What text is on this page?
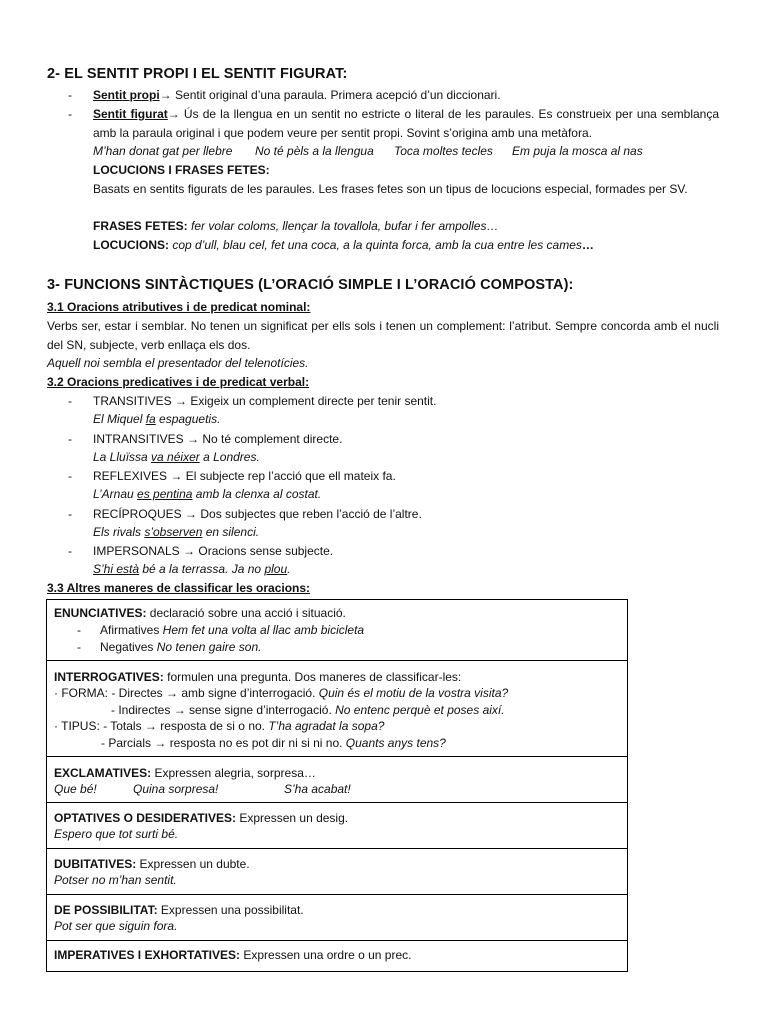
2- EL SENTIT PROPI I EL SENTIT FIGURAT:
- Sentit propi→ Sentit original d’una paraula. Primera acepció d’un diccionari.
- Sentit figurat→ Ús de la llengua en un sentit no estricte o literal de les paraules. Es construeix per una semblança amb la paraula original i que podem veure per sentit propi. Sovint s’origina amb una metàfora.
M’han donat gat per llebre No té pèls a la llengua Toca moltes tecles Em puja la mosca al nas
LOCUCIONS I FRASES FETES:
Basats en sentits figurats de les paraules. Les frases fetes son un tipus de locucions especial, formades per SV.
FRASES FETES: fer volar coloms, llençar la tovallola, bufar i fer ampolles…
LOCUCIONS: cop d’ull, blau cel, fet una coca, a la quinta forca, amb la cua entre les cames…
3- FUNCIONS SINTÀCTIQUES (L’ORACIÓ SIMPLE I L’ORACIÓ COMPOSTA):
3.1 Oracions atributives i de predicat nominal:
Verbs ser, estar i semblar. No tenen un significat per ells sols i tenen un complement: l’atribut. Sempre concorda amb el nucli del SN, subjecte, verb enllaça els dos.
Aquell noi sembla el presentador del telenotícies.
3.2 Oracions predicatives i de predicat verbal:
- TRANSITIVES → Exigeix un complement directe per tenir sentit.
El Miquel fa espaguetis.
- INTRANSITIVES → No té complement directe.
La Lluïssa va néixer a Londres.
- REFLEXIVES → El subjecte rep l’acció que ell mateix fa.
L’Arnau es pentina amb la clenxa al costat.
- RECÍPROQUES → Dos subjectes que reben l’acció de l’altre.
Els rivals s’observen en silenci.
- IMPERSONALS → Oracions sense subjecte.
S’hi està bé a la terrassa. Ja no plou.
3.3 Altres maneres de classificar les oracions:
ENUNCIATIVES: declaració sobre una acció i situació.
- Afirmatives Hem fet una volta al llac amb bicicleta
- Negatives No tenen gaire son.
INTERROGATIVES: formulen una pregunta. Dos maneres de classificar-les:
· FORMA: - Directes → amb signe d’interrogació. Quin és el motiu de la vostra visita?
- Indirectes → sense signe d’interrogació. No entenc perquè et poses així.
· TIPUS: - Totals → resposta de si o no. T’ha agradat la sopa?
- Parcials → resposta no es pot dir ni si ni no. Quants anys tens?
EXCLAMATIVES: Expressen alegria, sorpresa…
Que bé!	Quina sorpresa!	S’ha acabat!
OPTATIVES O DESIDERATIVES: Expressen un desig.
Espero que tot surti bé.
DUBITATIVES: Expressen un dubte.
Potser no m’han sentit.
DE POSSIBILITAT: Expressen una possibilitat.
Pot ser que siguin fora.
IMPERATIVES I EXHORTATIVES: Expressen una ordre o un prec.
